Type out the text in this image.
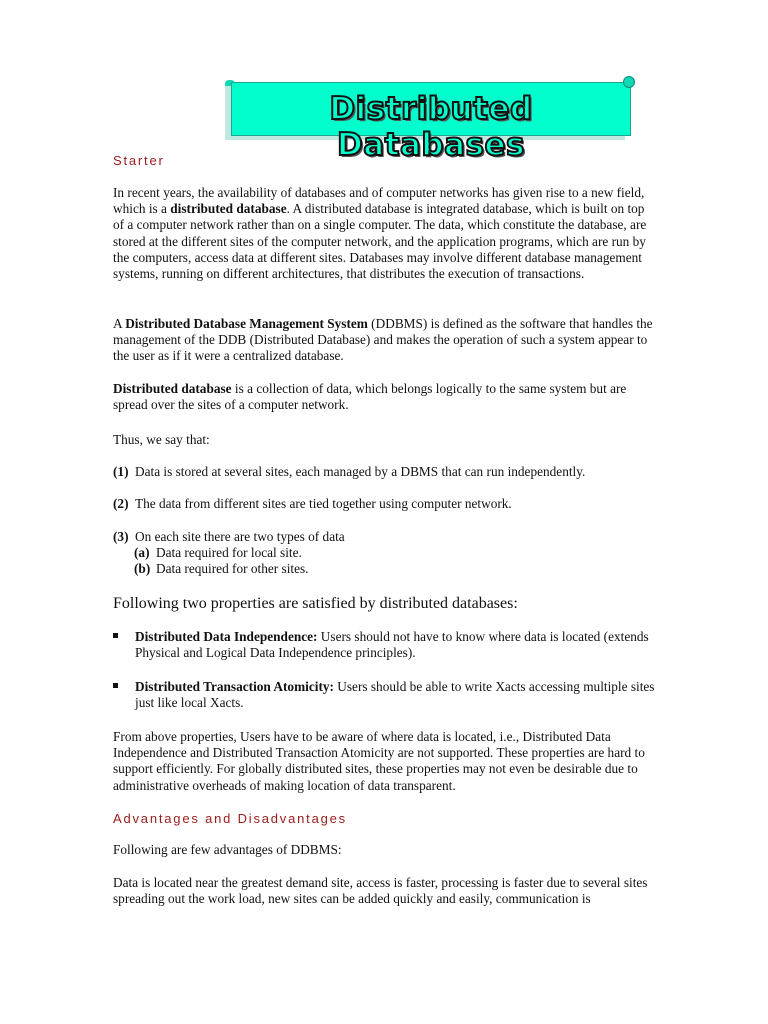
Distributed Databases
Starter
In recent years, the availability of databases and of computer networks has given rise to a new field, which is a distributed database. A distributed database is integrated database, which is built on top of a computer network rather than on a single computer. The data, which constitute the database, are stored at the different sites of the computer network, and the application programs, which are run by the computers, access data at different sites. Databases may involve different database management systems, running on different architectures, that distributes the execution of transactions.
A Distributed Database Management System (DDBMS) is defined as the software that handles the management of the DDB (Distributed Database) and makes the operation of such a system appear to the user as if it were a centralized database.
Distributed database is a collection of data, which belongs logically to the same system but are spread over the sites of a computer network.
Thus, we say that:
(1) Data is stored at several sites, each managed by a DBMS that can run independently.
(2) The data from different sites are tied together using computer network.
(3) On each site there are two types of data
(a) Data required for local site.
(b) Data required for other sites.
Following two properties are satisfied by distributed databases:
Distributed Data Independence: Users should not have to know where data is located (extends Physical and Logical Data Independence principles).
Distributed Transaction Atomicity: Users should be able to write Xacts accessing multiple sites just like local Xacts.
From above properties, Users have to be aware of where data is located, i.e., Distributed Data Independence and Distributed Transaction Atomicity are not supported. These properties are hard to support efficiently. For globally distributed sites, these properties may not even be desirable due to administrative overheads of making location of data transparent.
Advantages and Disadvantages
Following are few advantages of DDBMS:
Data is located near the greatest demand site, access is faster, processing is faster due to several sites spreading out the work load, new sites can be added quickly and easily, communication is
